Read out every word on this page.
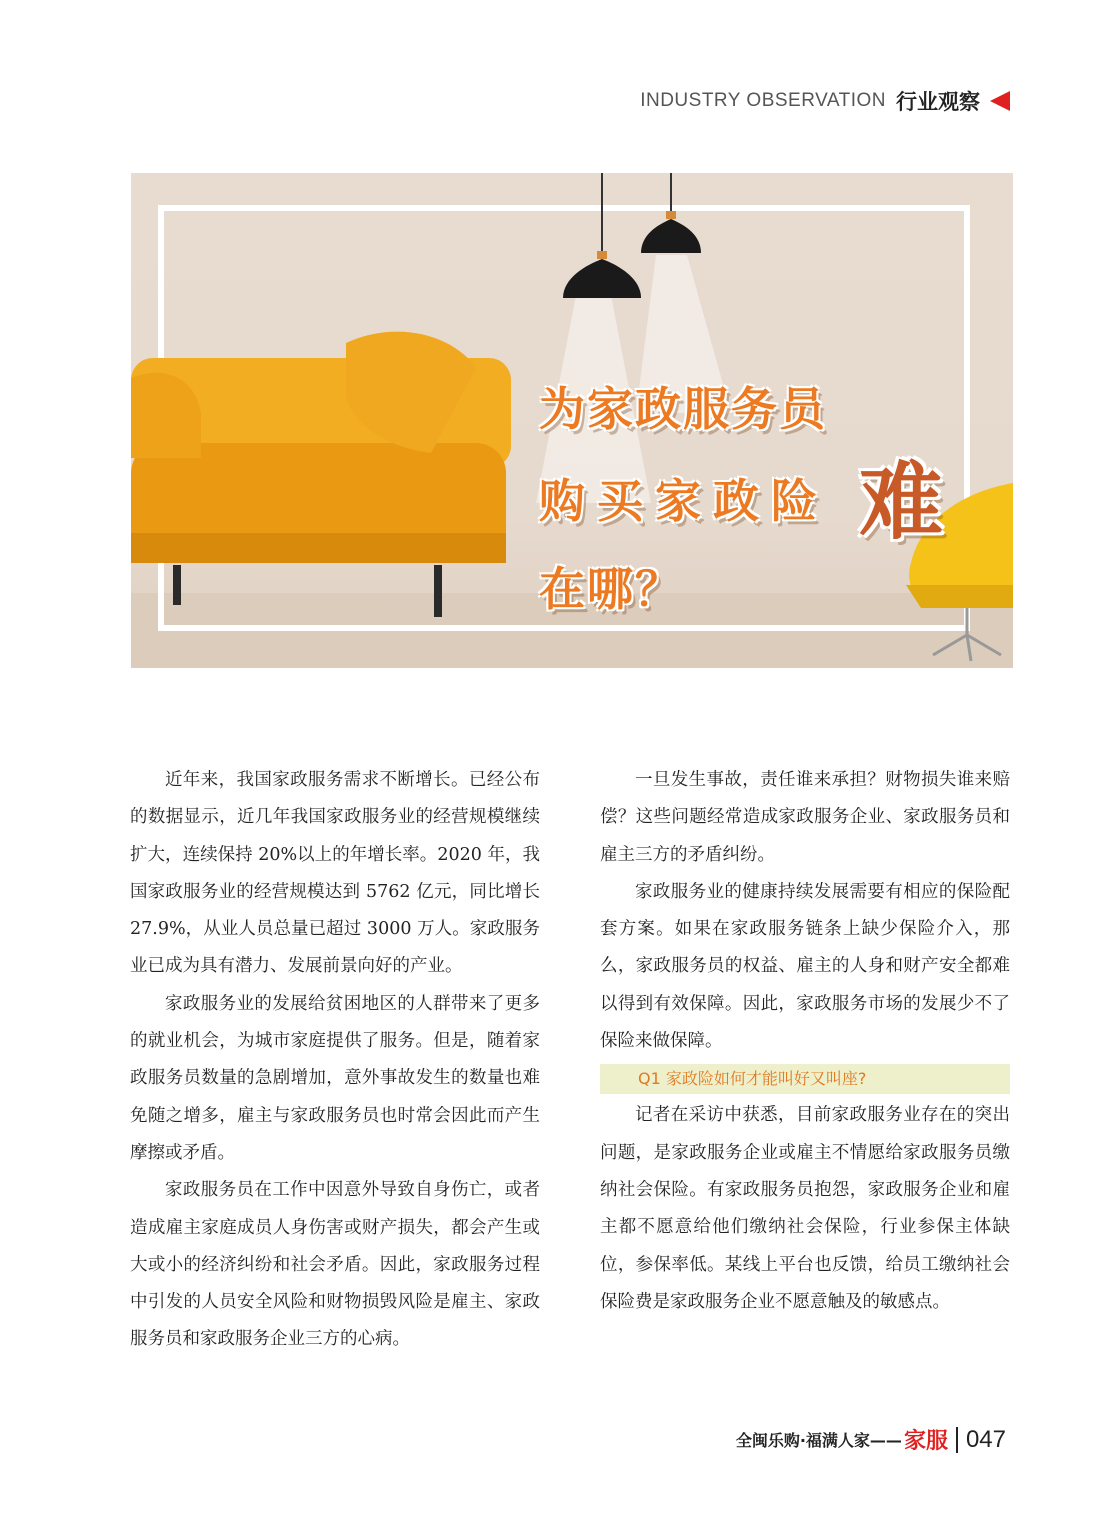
INDUSTRY OBSERVATION 行业观察
为家政服务员
购买家政险 难
在哪？

近年来，我国家政服务需求不断增长。已经公布的数据显示，近几年我国家政服务业的经营规模继续扩大，连续保持 20%以上的年增长率。2020 年，我国家政服务业的经营规模达到 5762 亿元，同比增长 27.9%，从业人员总量已超过 3000 万人。家政服务业已成为具有潜力、发展前景向好的产业。

家政服务业的发展给贫困地区的人群带来了更多的就业机会，为城市家庭提供了服务。但是，随着家政服务员数量的急剧增加，意外事故发生的数量也难免随之增多，雇主与家政服务员也时常会因此而产生摩擦或矛盾。

家政服务员在工作中因意外导致自身伤亡，或者造成雇主家庭成员人身伤害或财产损失，都会产生或大或小的经济纠纷和社会矛盾。因此，家政服务过程中引发的人员安全风险和财物损毁风险是雇主、家政服务员和家政服务企业三方的心病。

一旦发生事故，责任谁来承担？财物损失谁来赔偿？这些问题经常造成家政服务企业、家政服务员和雇主三方的矛盾纠纷。

家政服务业的健康持续发展需要有相应的保险配套方案。如果在家政服务链条上缺少保险介入，那么，家政服务员的权益、雇主的人身和财产安全都难以得到有效保障。因此，家政服务市场的发展少不了保险来做保障。

Q1 家政险如何才能叫好又叫座?

记者在采访中获悉，目前家政服务业存在的突出问题，是家政服务企业或雇主不情愿给家政服务员缴纳社会保险。有家政服务员抱怨，家政服务企业和雇主都不愿意给他们缴纳社会保险，行业参保主体缺位，参保率低。某线上平台也反馈，给员工缴纳社会保险费是家政服务企业不愿意触及的敏感点。

全闽乐购·福满人家—— 家服 047
